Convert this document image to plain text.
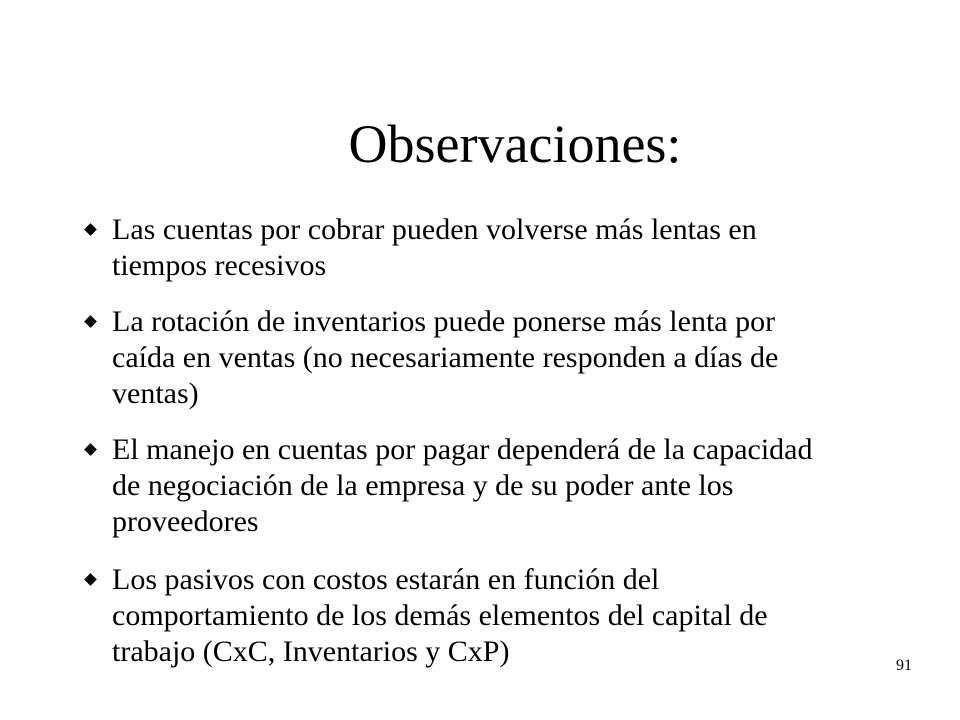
Observaciones:
Las cuentas por cobrar pueden volverse más lentas en tiempos recesivos
La rotación de inventarios puede ponerse más lenta por caída en ventas (no necesariamente responden a días de ventas)
El manejo en cuentas por pagar dependerá de la capacidad de negociación de la empresa y de su poder ante los proveedores
Los pasivos con costos estarán en función del comportamiento de los demás elementos del capital de trabajo (CxC, Inventarios y CxP)	91
